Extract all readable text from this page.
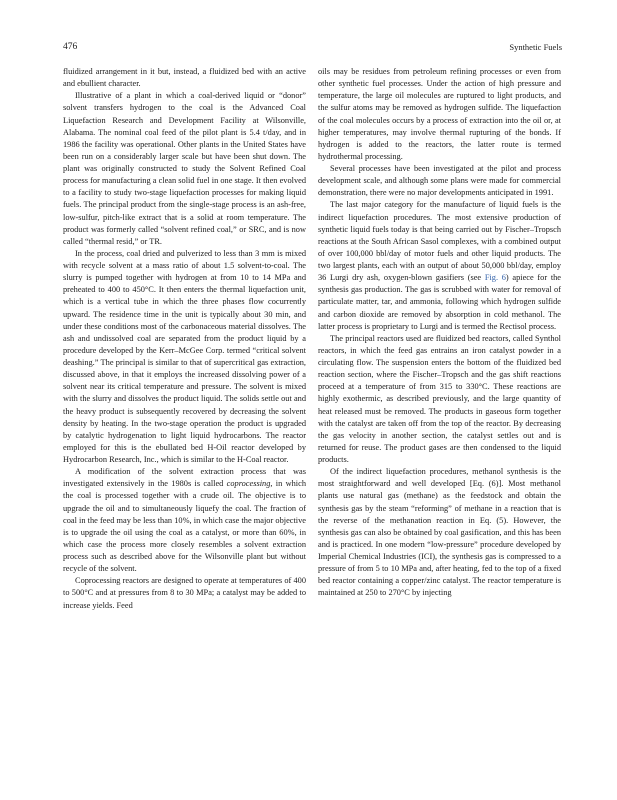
476	Synthetic Fuels

fluidized arrangement in it but, instead, a fluidized bed with an active and ebullient character.

Illustrative of a plant in which a coal-derived liquid or “donor” solvent transfers hydrogen to the coal is the Advanced Coal Liquefaction Research and Development Facility at Wilsonville, Alabama. The nominal coal feed of the pilot plant is 5.4 t/day, and in 1986 the facility was operational. Other plants in the United States have been run on a considerably larger scale but have been shut down. The plant was originally constructed to study the Solvent Refined Coal process for manufacturing a clean solid fuel in one stage. It then evolved to a facility to study two-stage liquefaction processes for making liquid fuels. The principal product from the single-stage process is an ash-free, low-sulfur, pitch-like extract that is a solid at room temperature. The product was formerly called “solvent refined coal,” or SRC, and is now called “thermal resid,” or TR.

In the process, coal dried and pulverized to less than 3 mm is mixed with recycle solvent at a mass ratio of about 1.5 solvent-to-coal. The slurry is pumped together with hydrogen at from 10 to 14 MPa and preheated to 400 to 450°C. It then enters the thermal liquefaction unit, which is a vertical tube in which the three phases flow cocurrently upward. The residence time in the unit is typically about 30 min, and under these conditions most of the carbonaceous material dissolves. The ash and undissolved coal are separated from the product liquid by a procedure developed by the Kerr–McGee Corp. termed “critical solvent deashing.” The principal is similar to that of supercritical gas extraction, discussed above, in that it employs the increased dissolving power of a solvent near its critical temperature and pressure. The solvent is mixed with the slurry and dissolves the product liquid. The solids settle out and the heavy product is subsequently recovered by decreasing the solvent density by heating. In the two-stage operation the product is upgraded by catalytic hydrogenation to light liquid hydrocarbons. The reactor employed for this is the ebullated bed H-Oil reactor developed by Hydrocarbon Research, Inc., which is similar to the H-Coal reactor.

A modification of the solvent extraction process that was investigated extensively in the 1980s is called coprocessing, in which the coal is processed together with a crude oil. The objective is to upgrade the oil and to simultaneously liquefy the coal. The fraction of coal in the feed may be less than 10%, in which case the major objective is to upgrade the oil using the coal as a catalyst, or more than 60%, in which case the process more closely resembles a solvent extraction process such as described above for the Wilsonville plant but without recycle of the solvent.

Coprocessing reactors are designed to operate at temperatures of 400 to 500°C and at pressures from 8 to 30 MPa; a catalyst may be added to increase yields. Feed

oils may be residues from petroleum refining processes or even from other synthetic fuel processes. Under the action of high pressure and temperature, the large oil molecules are ruptured to light products, and the sulfur atoms may be removed as hydrogen sulfide. The liquefaction of the coal molecules occurs by a process of extraction into the oil or, at higher temperatures, may involve thermal rupturing of the bonds. If hydrogen is added to the reactors, the latter route is termed hydrothermal processing.

Several processes have been investigated at the pilot and process development scale, and although some plans were made for commercial demonstration, there were no major developments anticipated in 1991.

The last major category for the manufacture of liquid fuels is the indirect liquefaction procedures. The most extensive production of synthetic liquid fuels today is that being carried out by Fischer–Tropsch reactions at the South African Sasol complexes, with a combined output of over 100,000 bbl/day of motor fuels and other liquid products. The two largest plants, each with an output of about 50,000 bbl/day, employ 36 Lurgi dry ash, oxygen-blown gasifiers (see Fig. 6) apiece for the synthesis gas production. The gas is scrubbed with water for removal of particulate matter, tar, and ammonia, following which hydrogen sulfide and carbon dioxide are removed by absorption in cold methanol. The latter process is proprietary to Lurgi and is termed the Rectisol process.

The principal reactors used are fluidized bed reactors, called Synthol reactors, in which the feed gas entrains an iron catalyst powder in a circulating flow. The suspension enters the bottom of the fluidized bed reaction section, where the Fischer–Tropsch and the gas shift reactions proceed at a temperature of from 315 to 330°C. These reactions are highly exothermic, as described previously, and the large quantity of heat released must be removed. The products in gaseous form together with the catalyst are taken off from the top of the reactor. By decreasing the gas velocity in another section, the catalyst settles out and is returned for reuse. The product gases are then condensed to the liquid products.

Of the indirect liquefaction procedures, methanol synthesis is the most straightforward and well developed [Eq. (6)]. Most methanol plants use natural gas (methane) as the feedstock and obtain the synthesis gas by the steam “reforming” of methane in a reaction that is the reverse of the methanation reaction in Eq. (5). However, the synthesis gas can also be obtained by coal gasification, and this has been and is practiced. In one modern “low-pressure” procedure developed by Imperial Chemical Industries (ICI), the synthesis gas is compressed to a pressure of from 5 to 10 MPa and, after heating, fed to the top of a fixed bed reactor containing a copper/zinc catalyst. The reactor temperature is maintained at 250 to 270°C by injecting
